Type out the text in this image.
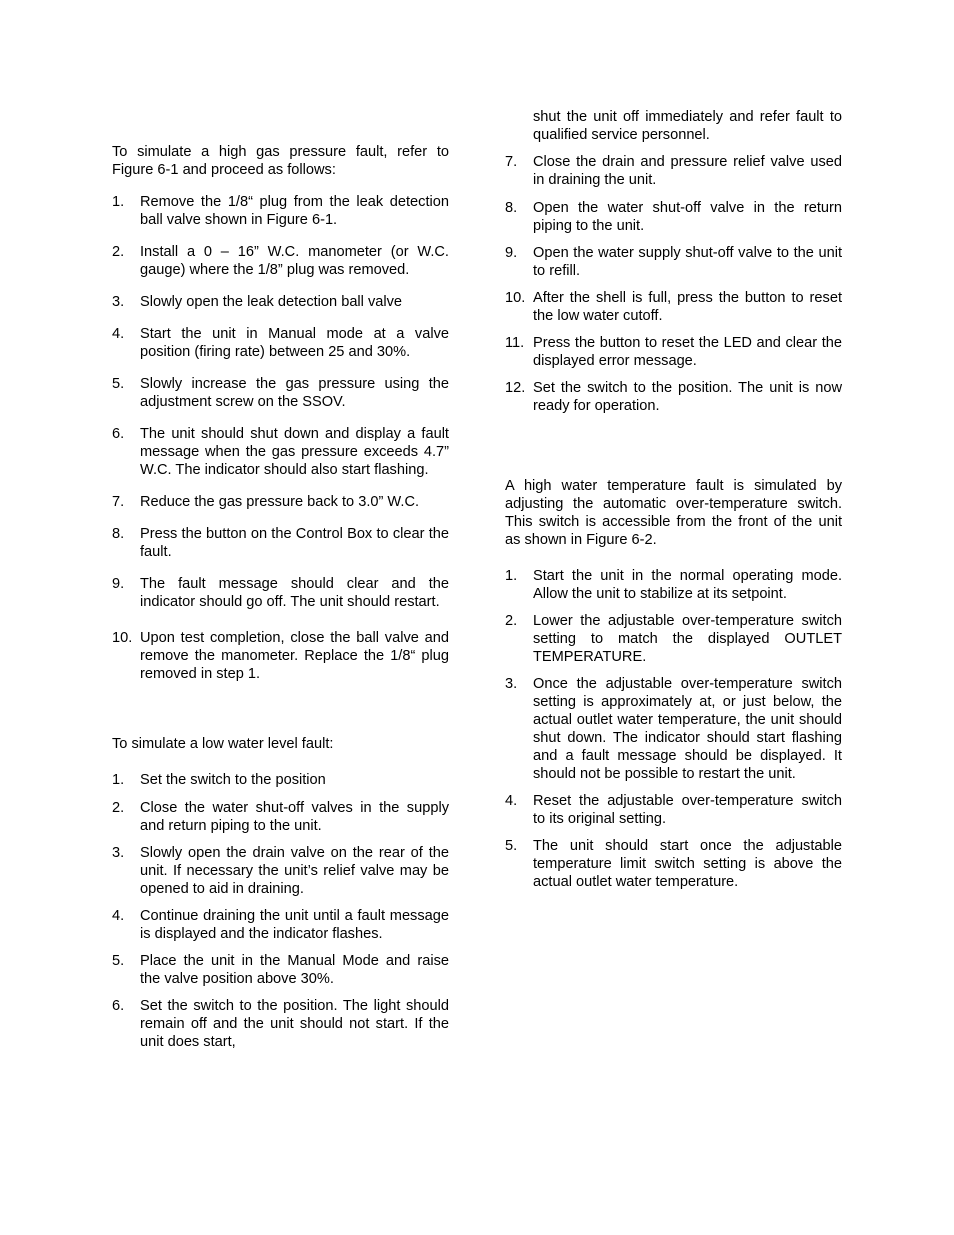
To simulate a high gas pressure fault, refer to Figure 6-1 and proceed as follows:

1. Remove the 1/8“ plug from the leak detection ball valve shown in Figure 6-1.
2. Install a 0 – 16” W.C. manometer (or W.C. gauge) where the 1/8” plug was removed.
3. Slowly open the leak detection ball valve
4. Start the unit in Manual mode at a valve position (firing rate) between 25 and 30%.
5. Slowly increase the gas pressure using the adjustment screw on the SSOV.
6. The unit should shut down and display a fault message when the gas pressure exceeds 4.7” W.C. The indicator should also start flashing.
7. Reduce the gas pressure back to 3.0” W.C.
8. Press the button on the Control Box to clear the fault.
9. The fault message should clear and the indicator should go off. The unit should restart.
10. Upon test completion, close the ball valve and remove the manometer. Replace the 1/8“ plug removed in step 1.

To simulate a low water level fault:

1. Set the switch to the position
2. Close the water shut-off valves in the supply and return piping to the unit.
3. Slowly open the drain valve on the rear of the unit. If necessary the unit’s relief valve may be opened to aid in draining.
4. Continue draining the unit until a fault message is displayed and the indicator flashes.
5. Place the unit in the Manual Mode and raise the valve position above 30%.
6. Set the switch to the position. The light should remain off and the unit should not start. If the unit does start,
shut the unit off immediately and refer fault to qualified service personnel.
7. Close the drain and pressure relief valve used in draining the unit.
8. Open the water shut-off valve in the return piping to the unit.
9. Open the water supply shut-off valve to the unit to refill.
10. After the shell is full, press the button to reset the low water cutoff.
11. Press the button to reset the LED and clear the displayed error message.
12. Set the switch to the position. The unit is now ready for operation.

A high water temperature fault is simulated by adjusting the automatic over-temperature switch. This switch is accessible from the front of the unit as shown in Figure 6-2.

1. Start the unit in the normal operating mode. Allow the unit to stabilize at its setpoint.
2. Lower the adjustable over-temperature switch setting to match the displayed OUTLET TEMPERATURE.
3. Once the adjustable over-temperature switch setting is approximately at, or just below, the actual outlet water temperature, the unit should shut down. The indicator should start flashing and a fault message should be displayed. It should not be possible to restart the unit.
4. Reset the adjustable over-temperature switch to its original setting.
5. The unit should start once the adjustable temperature limit switch setting is above the actual outlet water temperature.
